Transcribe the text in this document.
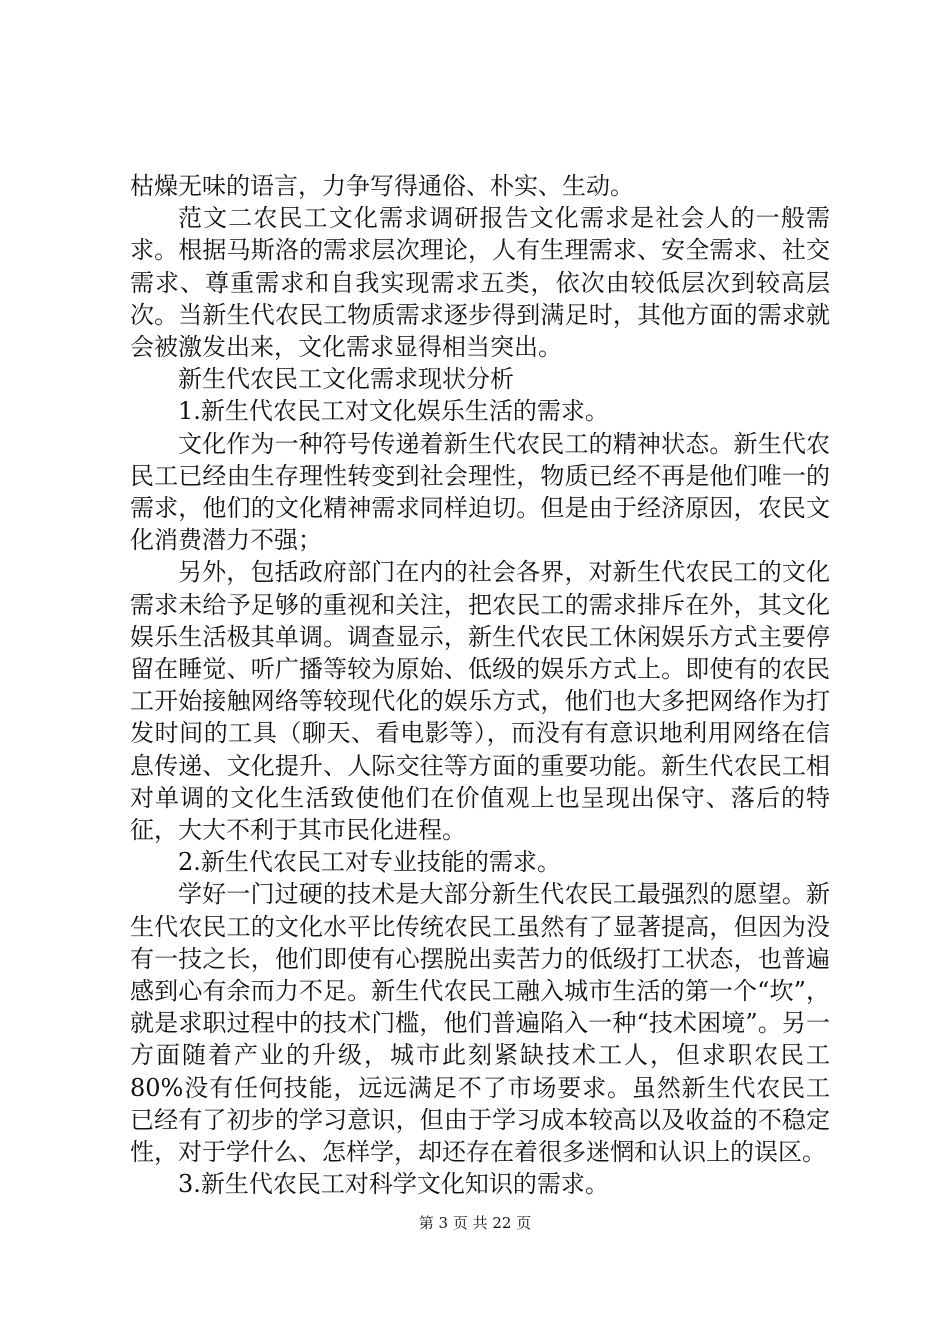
枯燥无味的语言，力争写得通俗、朴实、生动。

范文二农民工文化需求调研报告文化需求是社会人的一般需求。根据马斯洛的需求层次理论，人有生理需求、安全需求、社交需求、尊重需求和自我实现需求五类，依次由较低层次到较高层次。当新生代农民工物质需求逐步得到满足时，其他方面的需求就会被激发出来，文化需求显得相当突出。

新生代农民工文化需求现状分析

1.新生代农民工对文化娱乐生活的需求。

文化作为一种符号传递着新生代农民工的精神状态。新生代农民工已经由生存理性转变到社会理性，物质已经不再是他们唯一的需求，他们的文化精神需求同样迫切。但是由于经济原因，农民文化消费潜力不强；

另外，包括政府部门在内的社会各界，对新生代农民工的文化需求未给予足够的重视和关注，把农民工的需求排斥在外，其文化娱乐生活极其单调。调查显示，新生代农民工休闲娱乐方式主要停留在睡觉、听广播等较为原始、低级的娱乐方式上。即使有的农民工开始接触网络等较现代化的娱乐方式，他们也大多把网络作为打发时间的工具（聊天、看电影等），而没有有意识地利用网络在信息传递、文化提升、人际交往等方面的重要功能。新生代农民工相对单调的文化生活致使他们在价值观上也呈现出保守、落后的特征，大大不利于其市民化进程。

2.新生代农民工对专业技能的需求。

学好一门过硬的技术是大部分新生代农民工最强烈的愿望。新生代农民工的文化水平比传统农民工虽然有了显著提高，但因为没有一技之长，他们即使有心摆脱出卖苦力的低级打工状态，也普遍感到心有余而力不足。新生代农民工融入城市生活的第一个“坎”，就是求职过程中的技术门槛，他们普遍陷入一种“技术困境”。另一方面随着产业的升级，城市此刻紧缺技术工人，但求职农民工80%没有任何技能，远远满足不了市场要求。虽然新生代农民工已经有了初步的学习意识，但由于学习成本较高以及收益的不稳定性，对于学什么、怎样学，却还存在着很多迷惘和认识上的误区。

3.新生代农民工对科学文化知识的需求。

第 3 页 共 22 页
